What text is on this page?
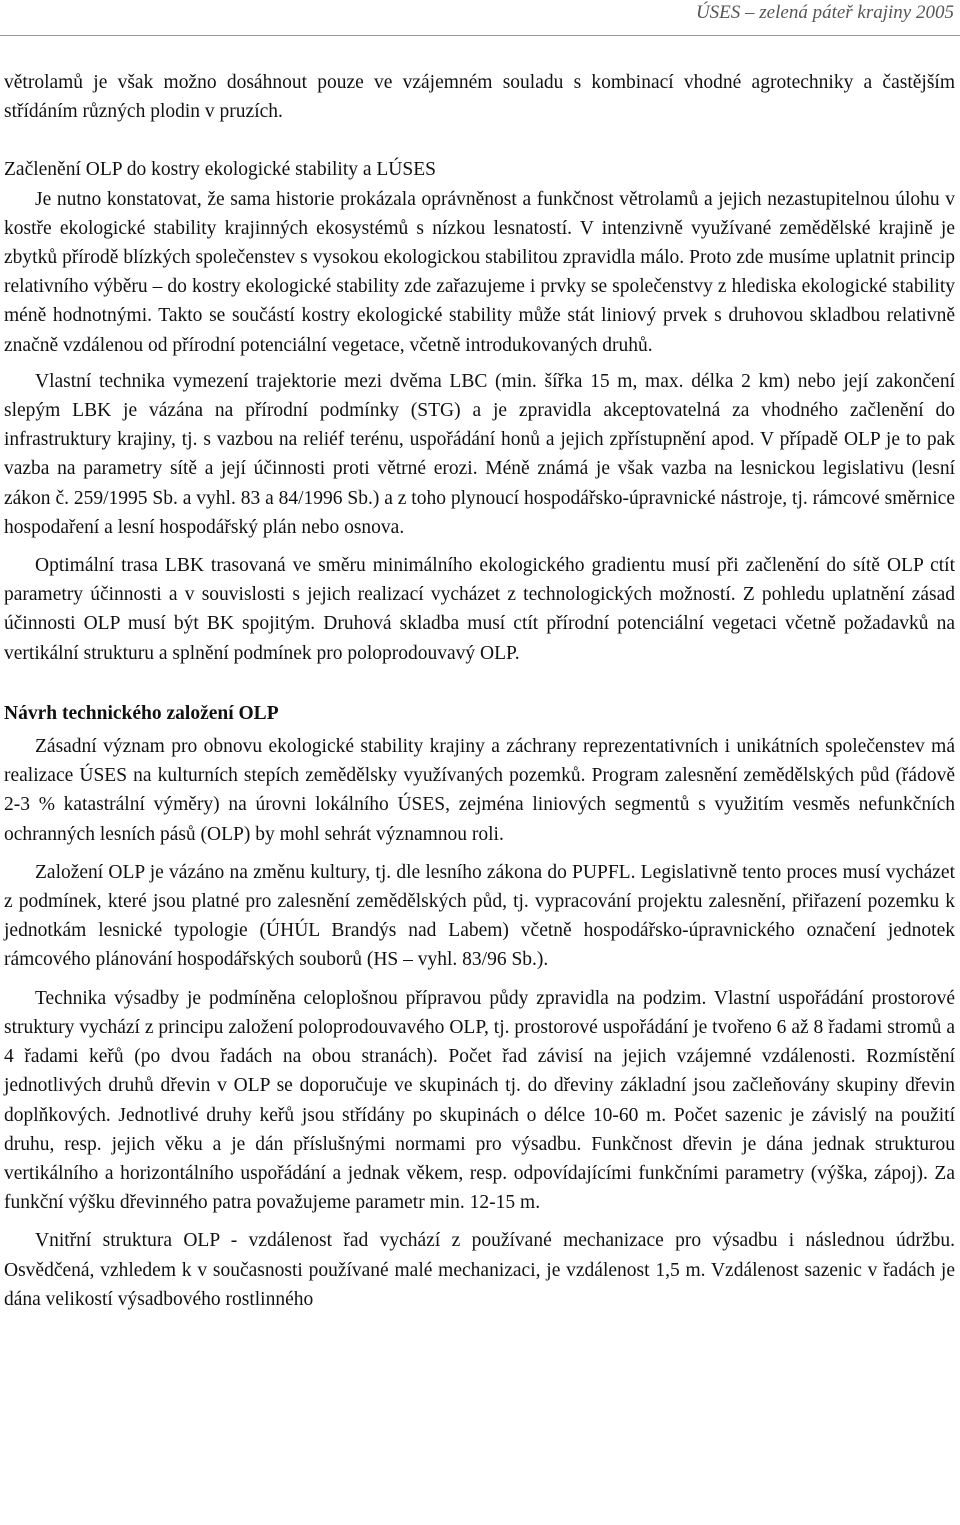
ÚSES – zelená páteř krajiny 2005

větrolamů je však možno dosáhnout pouze ve vzájemném souladu s kombinací vhodné agrotechniky a častějším střídáním různých plodin v pruzích.

Začlenění OLP do kostry ekologické stability a LÚSES

Je nutno konstatovat, že sama historie prokázala oprávněnost a funkčnost větrolamů a jejich nezastupitelnou úlohu v kostře ekologické stability krajinných ekosystémů s nízkou lesnatostí. V intenzivně využívané zemědělské krajině je zbytků přírodě blízkých společenstev s vysokou ekologickou stabilitou zpravidla málo. Proto zde musíme uplatnit princip relativního výběru – do kostry ekologické stability zde zařazujeme i prvky se společenstvy z hlediska ekologické stability méně hodnotnými. Takto se součástí kostry ekologické stability může stát liniový prvek s druhovou skladbou relativně značně vzdálenou od přírodní potenciální vegetace, včetně introdukovaných druhů.

Vlastní technika vymezení trajektorie mezi dvěma LBC (min. šířka 15 m, max. délka 2 km) nebo její zakončení slepým LBK je vázána na přírodní podmínky (STG) a je zpravidla akceptovatelná za vhodného začlenění do infrastruktury krajiny, tj. s vazbou na reliéf terénu, uspořádání honů a jejich zpřístupnění apod. V případě OLP je to pak vazba na parametry sítě a její účinnosti proti větrné erozi. Méně známá je však vazba na lesnickou legislativu (lesní zákon č. 259/1995 Sb. a vyhl. 83 a 84/1996 Sb.) a z toho plynoucí hospodářsko-úpravnické nástroje, tj. rámcové směrnice hospodaření a lesní hospodářský plán nebo osnova.

Optimální trasa LBK trasovaná ve směru minimálního ekologického gradientu musí při začlenění do sítě OLP ctít parametry účinnosti a v souvislosti s jejich realizací vycházet z technologických možností. Z pohledu uplatnění zásad účinnosti OLP musí být BK spojitým. Druhová skladba musí ctít přírodní potenciální vegetaci včetně požadavků na vertikální strukturu a splnění podmínek pro poloprodouvavý OLP.

Návrh technického založení OLP

Zásadní význam pro obnovu ekologické stability krajiny a záchrany reprezentativních i unikátních společenstev má realizace ÚSES na kulturních stepích zemědělsky využívaných pozemků. Program zalesnění zemědělských půd (řádově 2-3 % katastrální výměry) na úrovni lokálního ÚSES, zejména liniových segmentů s využitím vesměs nefunkčních ochranných lesních pásů (OLP) by mohl sehrát významnou roli.

Založení OLP je vázáno na změnu kultury, tj. dle lesního zákona do PUPFL. Legislativně tento proces musí vycházet z podmínek, které jsou platné pro zalesnění zemědělských půd, tj. vypracování projektu zalesnění, přiřazení pozemku k jednotkám lesnické typologie (ÚHÚL Brandýs nad Labem) včetně hospodářsko-úpravnického označení jednotek rámcového plánování hospodářských souborů (HS – vyhl. 83/96 Sb.).

Technika výsadby je podmíněna celoplošnou přípravou půdy zpravidla na podzim. Vlastní uspořádání prostorové struktury vychází z principu založení poloprodouvavého OLP, tj. prostorové uspořádání je tvořeno 6 až 8 řadami stromů a 4 řadami keřů (po dvou řadách na obou stranách). Počet řad závisí na jejich vzájemné vzdálenosti. Rozmístění jednotlivých druhů dřevin v OLP se doporučuje ve skupinách tj. do dřeviny základní jsou začleňovány skupiny dřevin doplňkových. Jednotlivé druhy keřů jsou střídány po skupinách o délce 10-60 m. Počet sazenic je závislý na použití druhu, resp. jejich věku a je dán příslušnými normami pro výsadbu. Funkčnost dřevin je dána jednak strukturou vertikálního a horizontálního uspořádání a jednak věkem, resp. odpovídajícími funkčními parametry (výška, zápoj). Za funkční výšku dřevinného patra považujeme parametr min. 12-15 m.

Vnitřní struktura OLP - vzdálenost řad vychází z používané mechanizace pro výsadbu i následnou údržbu. Osvědčená, vzhledem k v současnosti používané malé mechanizaci, je vzdálenost 1,5 m. Vzdálenost sazenic v řadách je dána velikostí výsadbového rostlinného
